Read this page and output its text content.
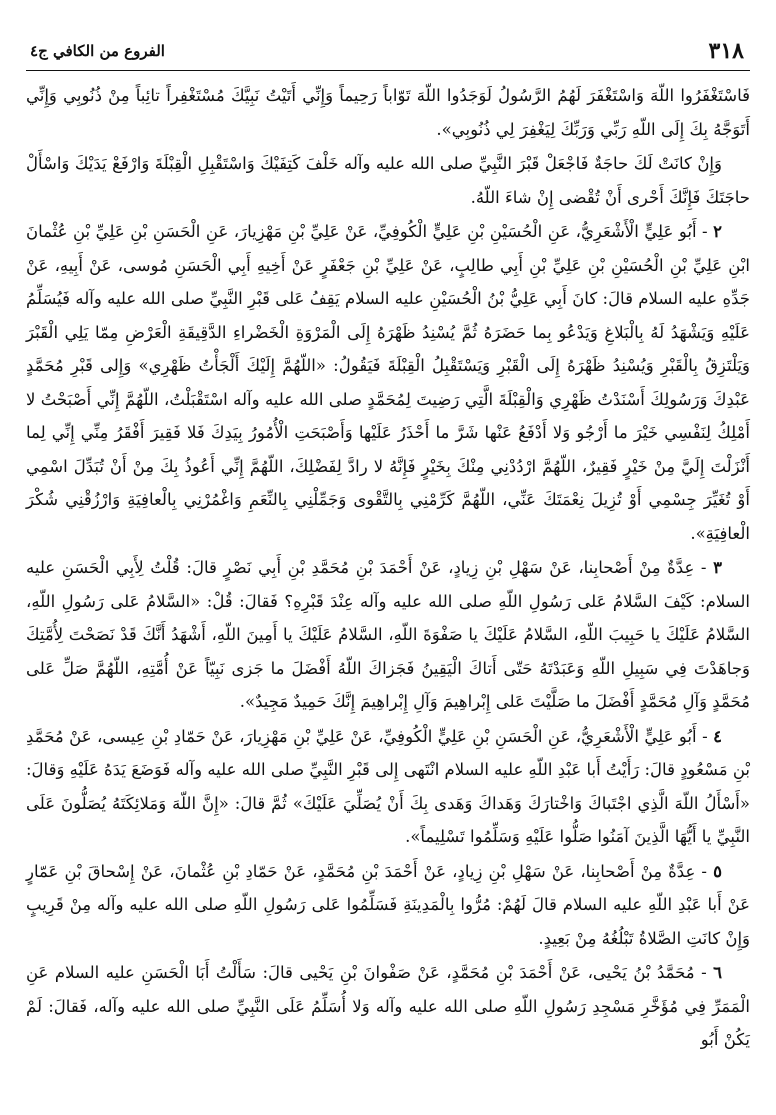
٣١٨
الفروع من الكافي ج٤

فَاسْتَغْفَرُوا اللّهَ وَاسْتَغْفَرَ لَهُمُ الرَّسُولُ لَوَجَدُوا اللّهَ تَوّاباً رَحِيماً وَإِنِّي أَتَيْتُ نَبِيَّكَ مُسْتَغْفِراً تائِباً مِنْ ذُنُوبِي وَإِنِّي أَتَوَجَّهُ بِكَ إِلَى اللّهِ رَبِّي وَرَبِّكَ لِيَغْفِرَ لِي ذُنُوبِي».

وَإِنْ كانَتْ لَكَ حاجَةٌ فَاجْعَلْ قَبْرَ النَّبِيِّ صلى الله عليه وآله خَلْفَ كَتِفَيْكَ وَاسْتَقْبِلِ الْقِبْلَةَ وَارْفَعْ يَدَيْكَ وَاسْأَلْ حاجَتَكَ فَإِنَّكَ أَحْرى أَنْ تُقْضى إِنْ شاءَ اللّهُ.

٢ - أَبُو عَلِيٍّ الْأَشْعَرِيُّ، عَنِ الْحُسَيْنِ بْنِ عَلِيٍّ الْكُوفِيِّ، عَنْ عَلِيِّ بْنِ مَهْزِيارَ، عَنِ الْحَسَنِ بْنِ عَلِيِّ بْنِ عُثْمانَ ابْنِ عَلِيِّ بْنِ الْحُسَيْنِ بْنِ عَلِيِّ بْنِ أَبِي طالِبٍ، عَنْ عَلِيِّ بْنِ جَعْفَرٍ عَنْ أَخِيهِ أَبِي الْحَسَنِ مُوسى، عَنْ أَبِيهِ، عَنْ جَدِّهِ عليه السلام قالَ: كانَ أَبِي عَلِيُّ بْنُ الْحُسَيْنِ عليه السلام يَقِفُ عَلى قَبْرِ النَّبِيِّ صلى الله عليه وآله فَيُسَلِّمُ عَلَيْهِ وَيَشْهَدُ لَهُ بِالْبَلاغِ وَيَدْعُو بِما حَضَرَهُ ثُمَّ يُسْنِدُ ظَهْرَهُ إِلَى الْمَرْوَةِ الْخَضْراءِ الدَّقِيقَةِ الْعَرْضِ مِمّا يَلِي الْقَبْرَ وَيَلْتَزِقُ بِالْقَبْرِ وَيُسْنِدُ ظَهْرَهُ إِلَى الْقَبْرِ وَيَسْتَقْبِلُ الْقِبْلَةَ فَيَقُولُ: «اللّهُمَّ إِلَيْكَ أَلْجَأْتُ ظَهْرِي» وَإِلى قَبْرِ مُحَمَّدٍ عَبْدِكَ وَرَسُولِكَ أَسْنَدْتُ ظَهْرِي وَالْقِبْلَةَ الَّتِي رَضِيتَ لِمُحَمَّدٍ صلى الله عليه وآله اسْتَقْبَلْتُ، اللّهُمَّ إِنِّي أَصْبَحْتُ لا أَمْلِكُ لِنَفْسِي خَيْرَ ما أَرْجُو وَلا أَدْفَعُ عَنْها شَرَّ ما أَحْذَرُ عَلَيْها وَأَصْبَحَتِ الْأُمُورُ بِيَدِكَ فَلا فَقِيرَ أَفْقَرُ مِنِّي إِنِّي لِما أَنْزَلْتَ إِلَيَّ مِنْ خَيْرٍ فَقِيرٌ، اللّهُمَّ ارْدُدْنِي مِنْكَ بِخَيْرٍ فَإِنَّهُ لا رادَّ لِفَضْلِكَ، اللّهُمَّ إِنِّي أَعُوذُ بِكَ مِنْ أَنْ تُبَدِّلَ اسْمِي أَوْ تُغَيِّرَ جِسْمِي أَوْ تُزِيلَ نِعْمَتَكَ عَنِّي، اللّهُمَّ كَرِّمْنِي بِالتَّقْوى وَجَمِّلْنِي بِالنِّعَمِ وَاغْمُرْنِي بِالْعافِيَةِ وَارْزُقْنِي شُكْرَ الْعافِيَةِ».

٣ - عِدَّةٌ مِنْ أَصْحابِنا، عَنْ سَهْلِ بْنِ زِيادٍ، عَنْ أَحْمَدَ بْنِ مُحَمَّدِ بْنِ أَبِي نَصْرٍ قالَ: قُلْتُ لِأَبِي الْحَسَنِ عليه السلام: كَيْفَ السَّلامُ عَلى رَسُولِ اللّهِ صلى الله عليه وآله عِنْدَ قَبْرِهِ؟ فَقالَ: قُلْ: «السَّلامُ عَلى رَسُولِ اللّهِ، السَّلامُ عَلَيْكَ يا حَبِيبَ اللّهِ، السَّلامُ عَلَيْكَ يا صَفْوَةَ اللّهِ، السَّلامُ عَلَيْكَ يا أَمِينَ اللّهِ، أَشْهَدُ أَنَّكَ قَدْ نَصَحْتَ لِأُمَّتِكَ وَجاهَدْتَ فِي سَبِيلِ اللّهِ وَعَبَدْتَهُ حَتّى أَتاكَ الْيَقِينُ فَجَزاكَ اللّهُ أَفْضَلَ ما جَزى نَبِيّاً عَنْ أُمَّتِهِ، اللّهُمَّ صَلِّ عَلى مُحَمَّدٍ وَآلِ مُحَمَّدٍ أَفْضَلَ ما صَلَّيْتَ عَلى إِبْراهِيمَ وَآلِ إِبْراهِيمَ إِنَّكَ حَمِيدٌ مَجِيدٌ».

٤ - أَبُو عَلِيٍّ الْأَشْعَرِيُّ، عَنِ الْحَسَنِ بْنِ عَلِيٍّ الْكُوفِيِّ، عَنْ عَلِيِّ بْنِ مَهْزِيارَ، عَنْ حَمّادِ بْنِ عِيسى، عَنْ مُحَمَّدِ بْنِ مَسْعُودٍ قالَ: رَأَيْتُ أَبا عَبْدِ اللّهِ عليه السلام انْتَهى إِلى قَبْرِ النَّبِيِّ صلى الله عليه وآله فَوَضَعَ يَدَهُ عَلَيْهِ وَقالَ: «أَسْأَلُ اللّهَ الَّذِي اجْتَباكَ وَاخْتارَكَ وَهَداكَ وَهَدى بِكَ أَنْ يُصَلِّيَ عَلَيْكَ» ثُمَّ قالَ: «إِنَّ اللّهَ وَمَلائِكَتَهُ يُصَلُّونَ عَلَى النَّبِيِّ يا أَيُّهَا الَّذِينَ آمَنُوا صَلُّوا عَلَيْهِ وَسَلِّمُوا تَسْلِيماً».

٥ - عِدَّةٌ مِنْ أَصْحابِنا، عَنْ سَهْلِ بْنِ زِيادٍ، عَنْ أَحْمَدَ بْنِ مُحَمَّدٍ، عَنْ حَمّادِ بْنِ عُثْمانَ، عَنْ إِسْحاقَ بْنِ عَمّارٍ عَنْ أَبا عَبْدِ اللّهِ عليه السلام قالَ لَهُمْ: مُرُّوا بِالْمَدِينَةِ فَسَلِّمُوا عَلى رَسُولِ اللّهِ صلى الله عليه وآله مِنْ قَرِيبٍ وَإِنْ كانَتِ الصَّلاةُ تَبْلُغُهُ مِنْ بَعِيدٍ.

٦ - مُحَمَّدُ بْنُ يَحْيى، عَنْ أَحْمَدَ بْنِ مُحَمَّدٍ، عَنْ صَفْوانَ بْنِ يَحْيى قالَ: سَأَلْتُ أَبَا الْحَسَنِ عليه السلام عَنِ الْمَمَرِّ فِي مُؤَخَّرِ مَسْجِدِ رَسُولِ اللّهِ صلى الله عليه وآله وَلا أُسَلِّمُ عَلَى النَّبِيِّ صلى الله عليه وآله، فَقالَ: لَمْ يَكُنْ أَبُو
